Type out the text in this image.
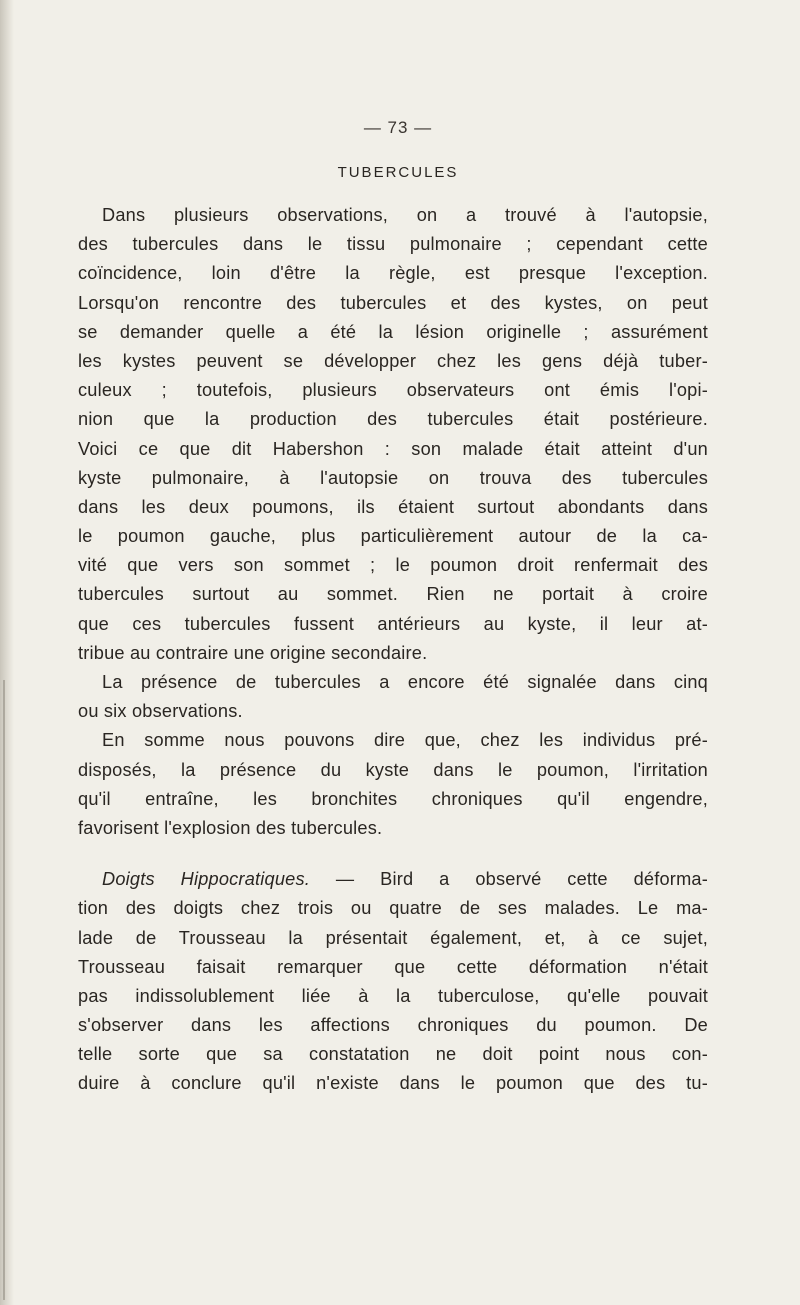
— 73 —
TUBERCULES
Dans plusieurs observations, on a trouvé à l'autopsie,
des tubercules dans le tissu pulmonaire ; cependant cette
coïncidence, loin d'être la règle, est presque l'exception.
Lorsqu'on rencontre des tubercules et des kystes, on peut
se demander quelle a été la lésion originelle ; assurément
les kystes peuvent se développer chez les gens déjà tuber-
culeux ; toutefois, plusieurs observateurs ont émis l'opi-
nion que la production des tubercules était postérieure.
Voici ce que dit Habershon : son malade était atteint d'un
kyste pulmonaire, à l'autopsie on trouva des tubercules
dans les deux poumons, ils étaient surtout abondants dans
le poumon gauche, plus particulièrement autour de la ca-
vité que vers son sommet ; le poumon droit renfermait des
tubercules surtout au sommet. Rien ne portait à croire
que ces tubercules fussent antérieurs au kyste, il leur at-
tribue au contraire une origine secondaire.
La présence de tubercules a encore été signalée dans cinq
ou six observations.
En somme nous pouvons dire que, chez les individus pré-
disposés, la présence du kyste dans le poumon, l'irritation
qu'il entraîne, les bronchites chroniques qu'il engendre,
favorisent l'explosion des tubercules.
Doigts Hippocratiques. — Bird a observé cette déforma-
tion des doigts chez trois ou quatre de ses malades. Le ma-
lade de Trousseau la présentait également, et, à ce sujet,
Trousseau faisait remarquer que cette déformation n'était
pas indissolublement liée à la tuberculose, qu'elle pouvait
s'observer dans les affections chroniques du poumon. De
telle sorte que sa constatation ne doit point nous con-
duire à conclure qu'il n'existe dans le poumon que des tu-
